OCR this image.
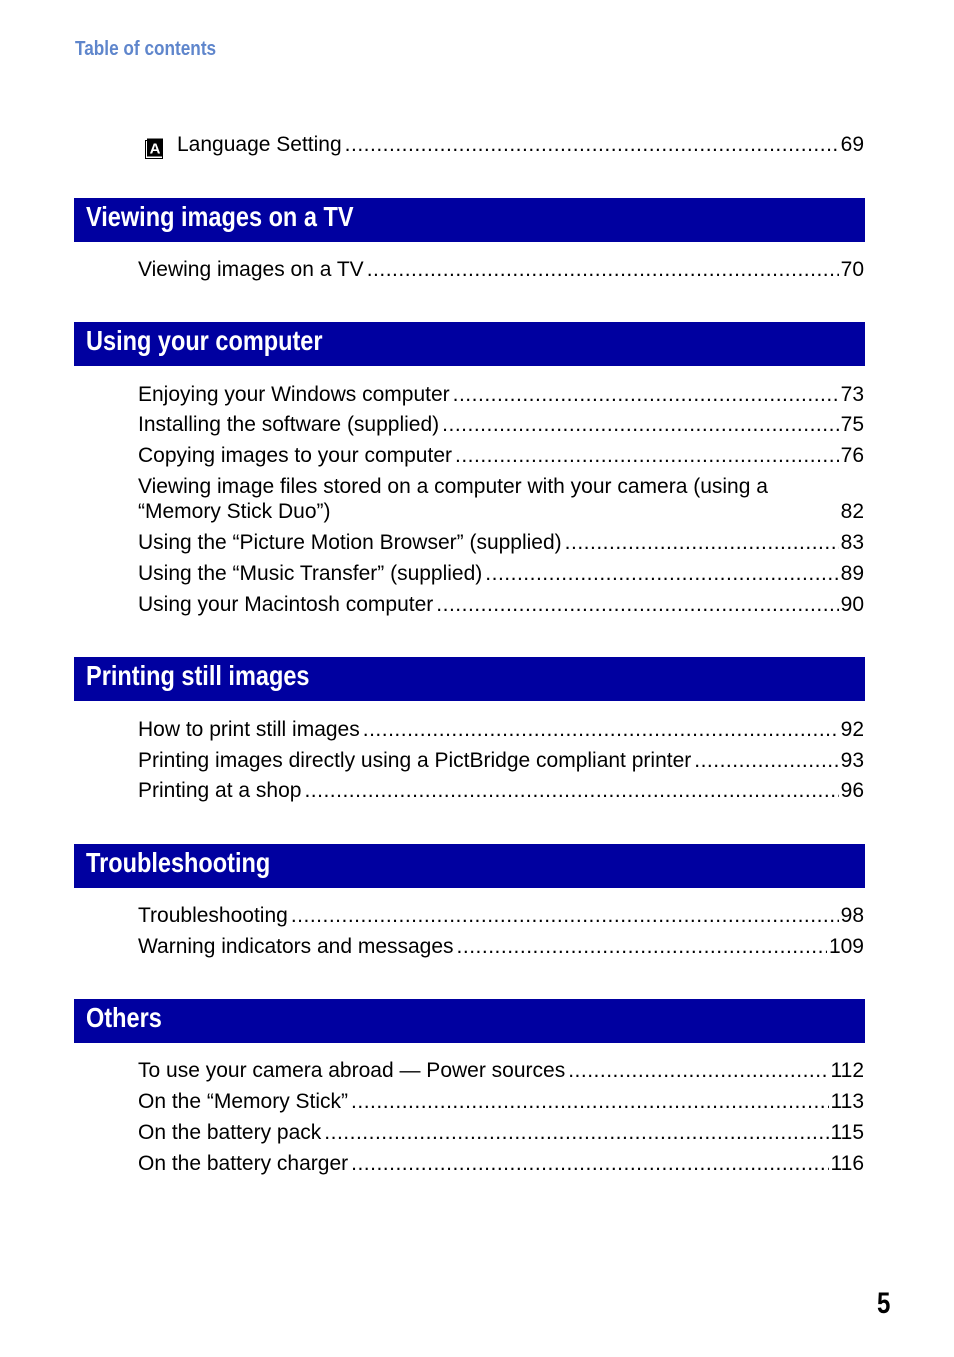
Table of contents
A Language Setting .....	69
Viewing images on a TV
Viewing images on a TV .....	70
Using your computer
Enjoying your Windows computer .....	73
Installing the software (supplied) .....	75
Copying images to your computer .....	76
Viewing image files stored on a computer with your camera (using a
“Memory Stick Duo”)	82
Using the “Picture Motion Browser” (supplied) .....	83
Using the “Music Transfer” (supplied) .....	89
Using your Macintosh computer .....	90
Printing still images
How to print still images .....	92
Printing images directly using a PictBridge compliant printer .....	93
Printing at a shop .....	96
Troubleshooting
Troubleshooting .....	98
Warning indicators and messages .....	109
Others
To use your camera abroad — Power sources .....	112
On the “Memory Stick” .....	113
On the battery pack .....	115
On the battery charger .....	116
5
